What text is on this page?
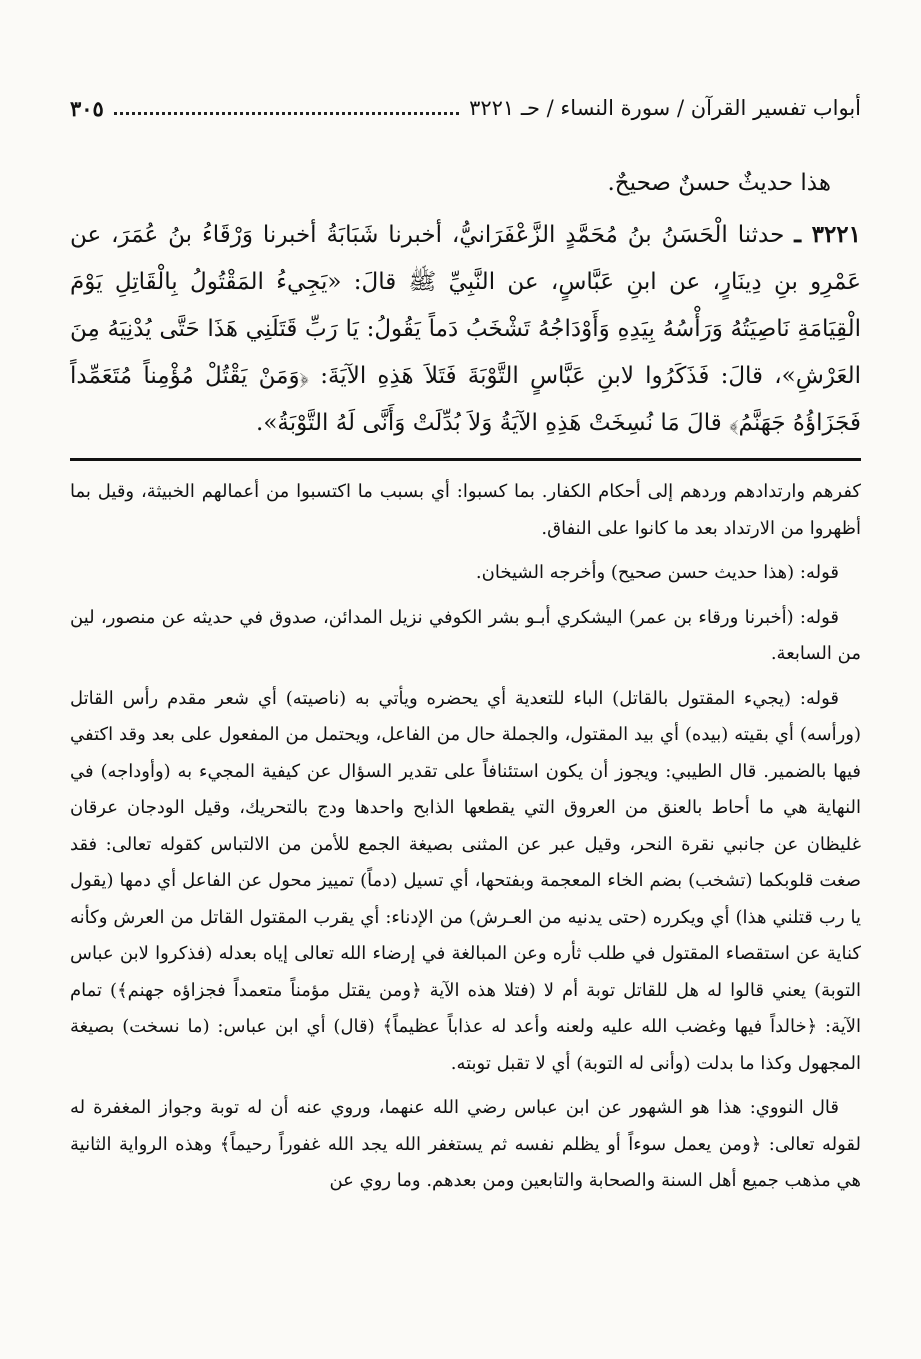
أبواب تفسير القرآن / سورة النساء / حـ ٣٢٢١
٣٠٥

هذا حديثٌ حسنٌ صحيحٌ.

٣٢٢١ ـ حدثنا الْحَسَنُ بنُ مُحَمَّدٍ الزَّعْفَرَانيُّ، أخبرنا شَبَابَةُ أخبرنا وَرْقَاءُ بنُ عُمَرَ، عن عَمْرِو بنِ دِينَارٍ، عن ابنِ عَبَّاسٍ، عن النَّبِيِّ ﷺ قالَ: «يَجِيءُ المَقْتُولُ بِالْقَاتِلِ يَوْمَ الْقِيَامَةِ نَاصِيَتُهُ وَرَأْسُهُ بِيَدِهِ وَأَوْدَاجُهُ تَشْخَبُ دَماً يَقُولُ: يَا رَبِّ قَتَلَنِي هَذَا حَتَّى يُدْنِيَهُ مِنَ العَرْشِ»، قالَ: فَذَكَرُوا لابنِ عَبَّاسٍ التَّوْبَةَ فَتَلاَ هَذِهِ الآيَةَ: ﴿وَمَنْ يَقْتُلْ مُؤْمِناً مُتَعَمِّداً فَجَزَاؤُهُ جَهَنَّمُ﴾ قالَ مَا نُسِخَتْ هَذِهِ الآيَةُ وَلاَ بُدِّلَتْ وَأَنَّى لَهُ التَّوْبَةُ».

كفرهم وارتدادهم وردهم إلى أحكام الكفار. بما كسبوا: أي بسبب ما اكتسبوا من أعمالهم الخبيثة، وقيل بما أظهروا من الارتداد بعد ما كانوا على النفاق.

قوله: (هذا حديث حسن صحيح) وأخرجه الشيخان.

قوله: (أخبرنا ورقاء بن عمر) اليشكري أبـو بشر الكوفي نزيل المدائن، صدوق في حديثه عن منصور، لين من السابعة.

قوله: (يجيء المقتول بالقاتل) الباء للتعدية أي يحضره ويأتي به (ناصيته) أي شعر مقدم رأس القاتل (ورأسه) أي بقيته (بيده) أي بيد المقتول، والجملة حال من الفاعل، ويحتمل من المفعول على بعد وقد اكتفي فيها بالضمير. قال الطيبي: ويجوز أن يكون استئنافاً على تقدير السؤال عن كيفية المجيء به (وأوداجه) في النهاية هي ما أحاط بالعنق من العروق التي يقطعها الذابح واحدها ودج بالتحريك، وقيل الودجان عرقان غليظان عن جانبي نقرة النحر، وقيل عبر عن المثنى بصيغة الجمع للأمن من الالتباس كقوله تعالى: فقد صغت قلوبكما (تشخب) بضم الخاء المعجمة وبفتحها، أي تسيل (دماً) تمييز محول عن الفاعل أي دمها (يقول يا رب قتلني هذا) أي ويكرره (حتى يدنيه من العـرش) من الإدناء: أي يقرب المقتول القاتل من العرش وكأنه كناية عن استقصاء المقتول في طلب ثأره وعن المبالغة في إرضاء الله تعالى إياه بعدله (فذكروا لابن عباس التوبة) يعني قالوا له هل للقاتل توبة أم لا (فتلا هذه الآية ﴿ومن يقتل مؤمناً متعمداً فجزاؤه جهنم﴾) تمام الآية: ﴿خالداً فيها وغضب الله عليه ولعنه وأعد له عذاباً عظيماً﴾ (قال) أي ابن عباس: (ما نسخت) بصيغة المجهول وكذا ما بدلت (وأنى له التوبة) أي لا تقبل توبته.

قال النووي: هذا هو الشهور عن ابن عباس رضي الله عنهما، وروي عنه أن له توبة وجواز المغفرة له لقوله تعالى: ﴿ومن يعمل سوءاً أو يظلم نفسه ثم يستغفر الله يجد الله غفوراً رحيماً﴾ وهذه الرواية الثانية هي مذهب جميع أهل السنة والصحابة والتابعين ومن بعدهم. وما روي عن
